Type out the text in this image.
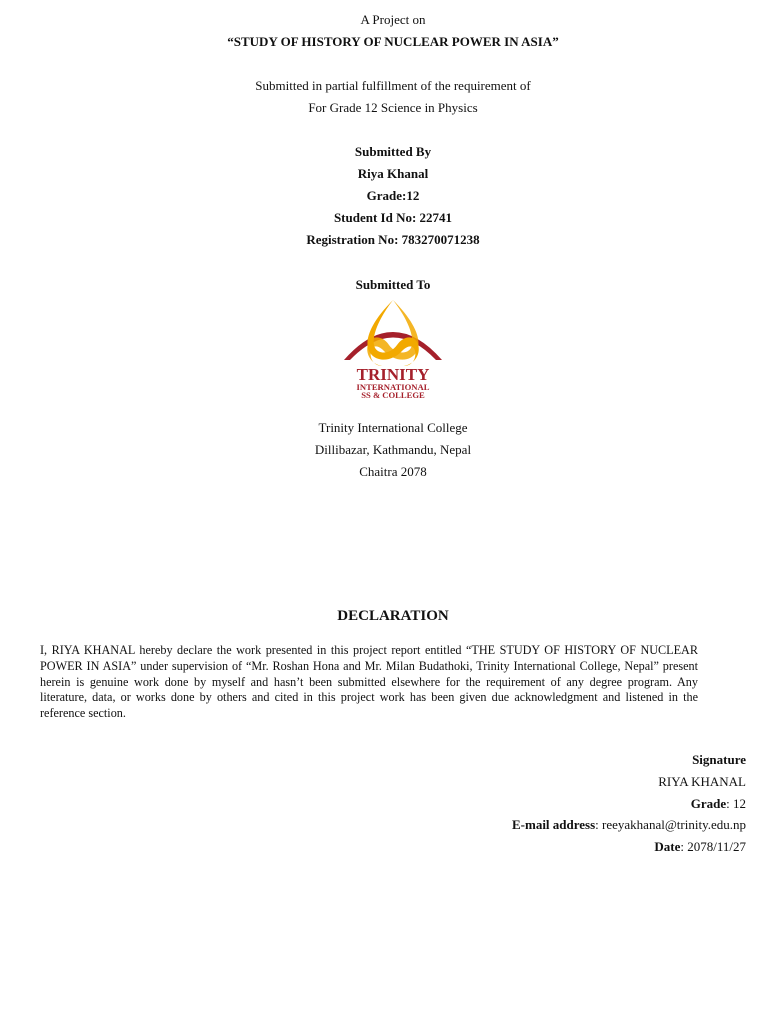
A Project on
“STUDY OF HISTORY OF NUCLEAR POWER IN ASIA”
Submitted in partial fulfillment of the requirement of
For Grade 12 Science in Physics
Submitted By
Riya Khanal
Grade:12
Student Id No: 22741
Registration No: 783270071238
Submitted To
TRINITY
INTERNATIONAL
SS & COLLEGE
Trinity International College
Dillibazar, Kathmandu, Nepal
Chaitra 2078
DECLARATION

I, RIYA KHANAL hereby declare the work presented in this project report entitled “THE STUDY OF HISTORY OF NUCLEAR POWER IN ASIA” under supervision of “Mr. Roshan Hona and Mr. Milan Budathoki, Trinity International College, Nepal” present herein is genuine work done by myself and hasn’t been submitted elsewhere for the requirement of any degree program. Any literature, data, or works done by others and cited in this project work has been given due acknowledgment and listened in the reference section.

Signature
RIYA KHANAL
Grade: 12
E-mail address: reeyakhanal@trinity.edu.np
Date: 2078/11/27
